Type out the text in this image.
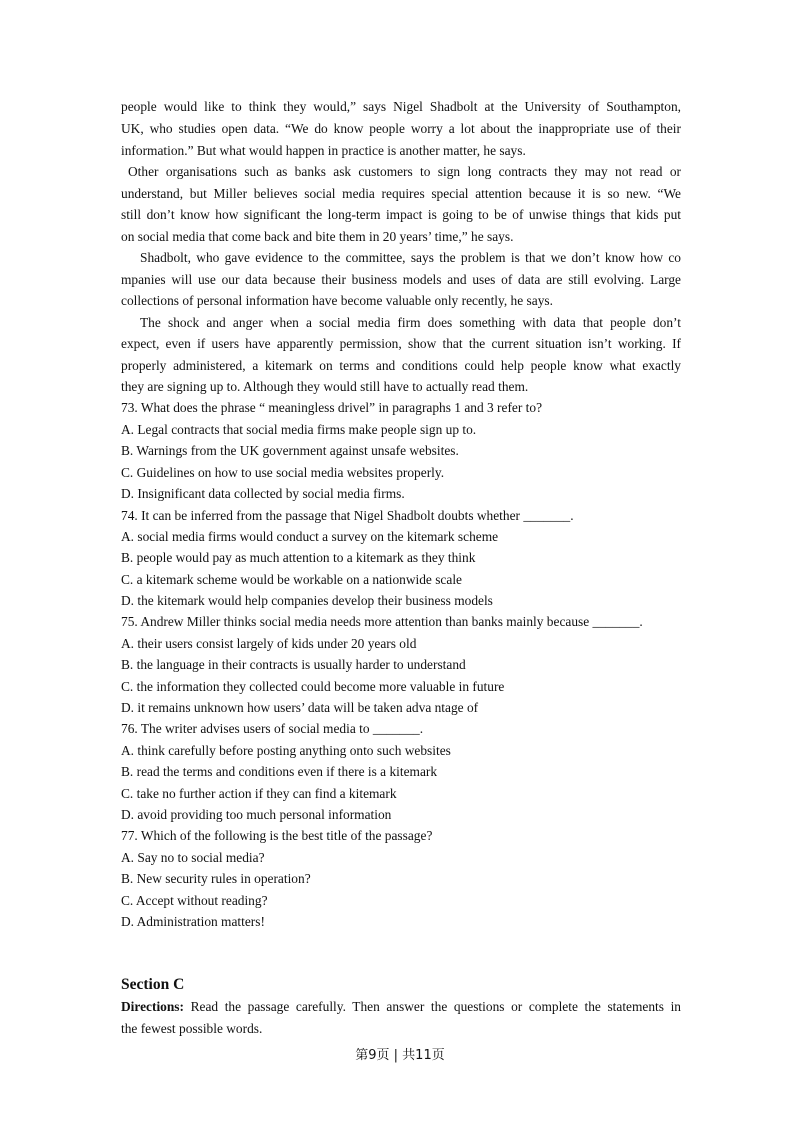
people would like to think they would,” says Nigel Shadbolt at the University of Southampton,
UK, who studies open data. “We do know people worry a lot about the inappropriate use of their
information.” But what would happen in practice is another matter, he says.
Other organisations such as banks ask customers to sign long contracts they may not read or
understand, but Miller believes social media requires special attention because it is so new. “We
still don’t know how significant the long-term impact is going to be of unwise things that kids put
on social media that come back and bite them in 20 years’ time,” he says.
Shadbolt, who gave evidence to the committee, says the problem is that we don’t know how co
mpanies will use our data because their business models and uses of data are still evolving. Large
collections of personal information have become valuable only recently, he says.
The shock and anger when a social media firm does something with data that people don’t
expect, even if users have apparently permission, show that the current situation isn’t working. If
properly administered, a kitemark on terms and conditions could help people know what exactly
they are signing up to. Although they would still have to actually read them.
73. What does the phrase “ meaningless drivel” in paragraphs 1 and 3 refer to?
A. Legal contracts that social media firms make people sign up to.
B. Warnings from the UK government against unsafe websites.
C. Guidelines on how to use social media websites properly.
D. Insignificant data collected by social media firms.
74. It can be inferred from the passage that Nigel Shadbolt doubts whether _______.
A. social media firms would conduct a survey on the kitemark scheme
B. people would pay as much attention to a kitemark as they think
C. a kitemark scheme would be workable on a nationwide scale
D. the kitemark would help companies develop their business models
75. Andrew Miller thinks social media needs more attention than banks mainly because _______.
A. their users consist largely of kids under 20 years old
B. the language in their contracts is usually harder to understand
C. the information they collected could become more valuable in future
D. it remains unknown how users’ data will be taken adva ntage of
76. The writer advises users of social media to _______.
A. think carefully before posting anything onto such websites
B. read the terms and conditions even if there is a kitemark
C. take no further action if they can find a kitemark
D. avoid providing too much personal information
77. Which of the following is the best title of the passage?
A. Say no to social media?
B. New security rules in operation?
C. Accept without reading?
D. Administration matters!
Section C
Directions: Read the passage carefully. Then answer the questions or complete the statements in
the fewest possible words.
第9页 | 共11页
